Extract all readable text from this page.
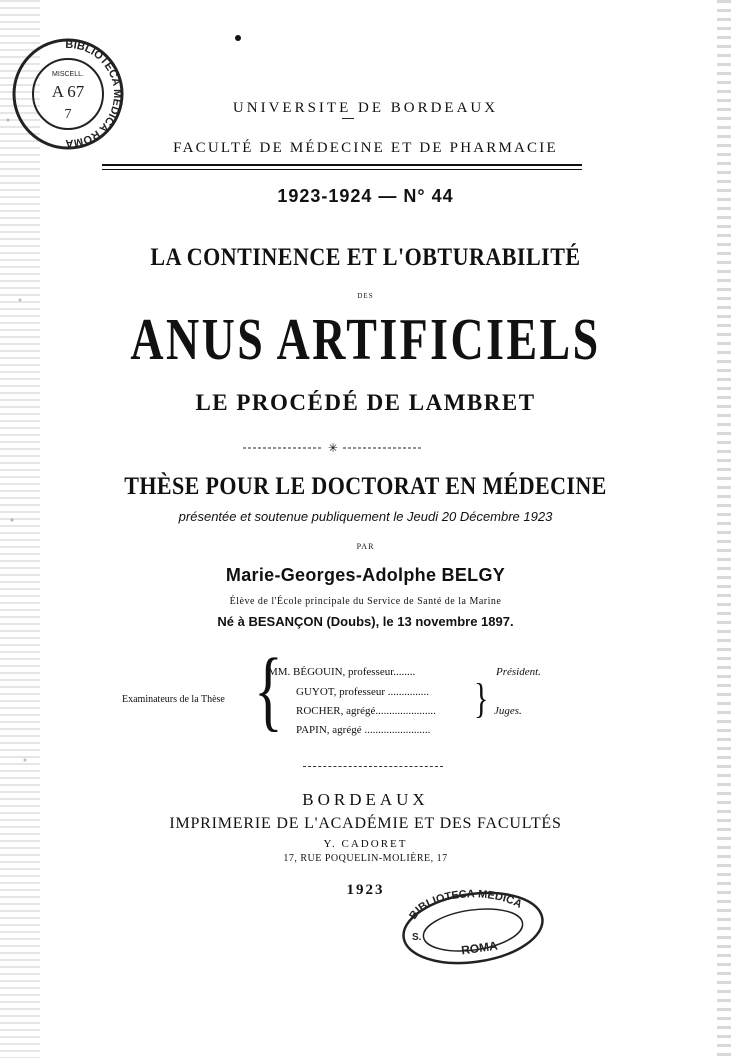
BIBLIOTECA MEDICA ROMA
MISCELL.
A 67
7	UNIVERSITE DE BORDEAUX
FACULTÉ DE MÉDECINE ET DE PHARMACIE
1923-1924 — N° 44
LA CONTINENCE ET L'OBTURABILITÉ
DES
ANUS ARTIFICIELS
LE PROCÉDÉ DE LAMBRET
✳
THÈSE POUR LE DOCTORAT EN MÉDECINE
présentée et soutenue publiquement le Jeudi 20 Décembre 1923
PAR
Marie-Georges-Adolphe BELGY
Élève de l'École principale du Service de Santé de la Marine
Né à BESANÇON (Doubs), le 13 novembre 1897.
Examinateurs de la Thèse {
MM. BÉGOUIN, professeur........
GUYOT, professeur ...............
ROCHER, agrégé......................
PAPIN, agrégé ........................
Président.
} Juges.
BORDEAUX
IMPRIMERIE DE L'ACADÉMIE ET DES FACULTÉS
Y. CADORET
17, RUE POQUELIN-MOLIÈRE, 17
1923
BIBLIOTECA MEDICA
S.
ROMA
